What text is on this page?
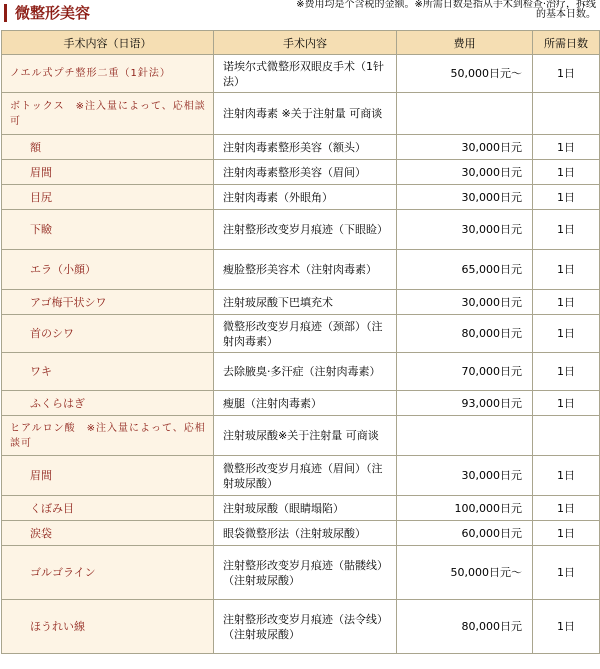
微整形美容	※费用均是个含税的金额。※所需日数是指从手术到检查·治疗，拆线的基本日数。
手术内容（日语）	手术内容	费用	所需日数
ノエル式プチ整形二重（1針法）	诺埃尔式微整形双眼皮手术（1针法）	50,000日元～	1日
ボトックス　※注入量によって、応相談可	注射肉毒素 ※关于注射量 可商谈		
額	注射肉毒素整形美容（额头）	30,000日元	1日
眉間	注射肉毒素整形美容（眉间）	30,000日元	1日
目尻	注射肉毒素（外眼角）	30,000日元	1日
下瞼	注射整形改变岁月痕迹（下眼睑）	30,000日元	1日
エラ（小顔）	瘦脸整形美容术（注射肉毒素）	65,000日元	1日
アゴ梅干状シワ	注射玻尿酸下巴填充术	30,000日元	1日
首のシワ	微整形改变岁月痕迹（颈部）（注射肉毒素）	80,000日元	1日
ワキ	去除腋臭·多汗症（注射肉毒素）	70,000日元	1日
ふくらはぎ	瘦腿（注射肉毒素）	93,000日元	1日
ヒアルロン酸　※注入量によって、応相談可	注射玻尿酸※关于注射量 可商谈		
眉間	微整形改变岁月痕迹（眉间）（注射玻尿酸）	30,000日元	1日
くぼみ目	注射玻尿酸（眼睛塌陷）	100,000日元	1日
涙袋	眼袋微整形法（注射玻尿酸）	60,000日元	1日
ゴルゴライン	注射整形改变岁月痕迹（骷髅线）（注射玻尿酸）	50,000日元～	1日
ほうれい線	注射整形改变岁月痕迹（法令线）（注射玻尿酸）	80,000日元	1日
